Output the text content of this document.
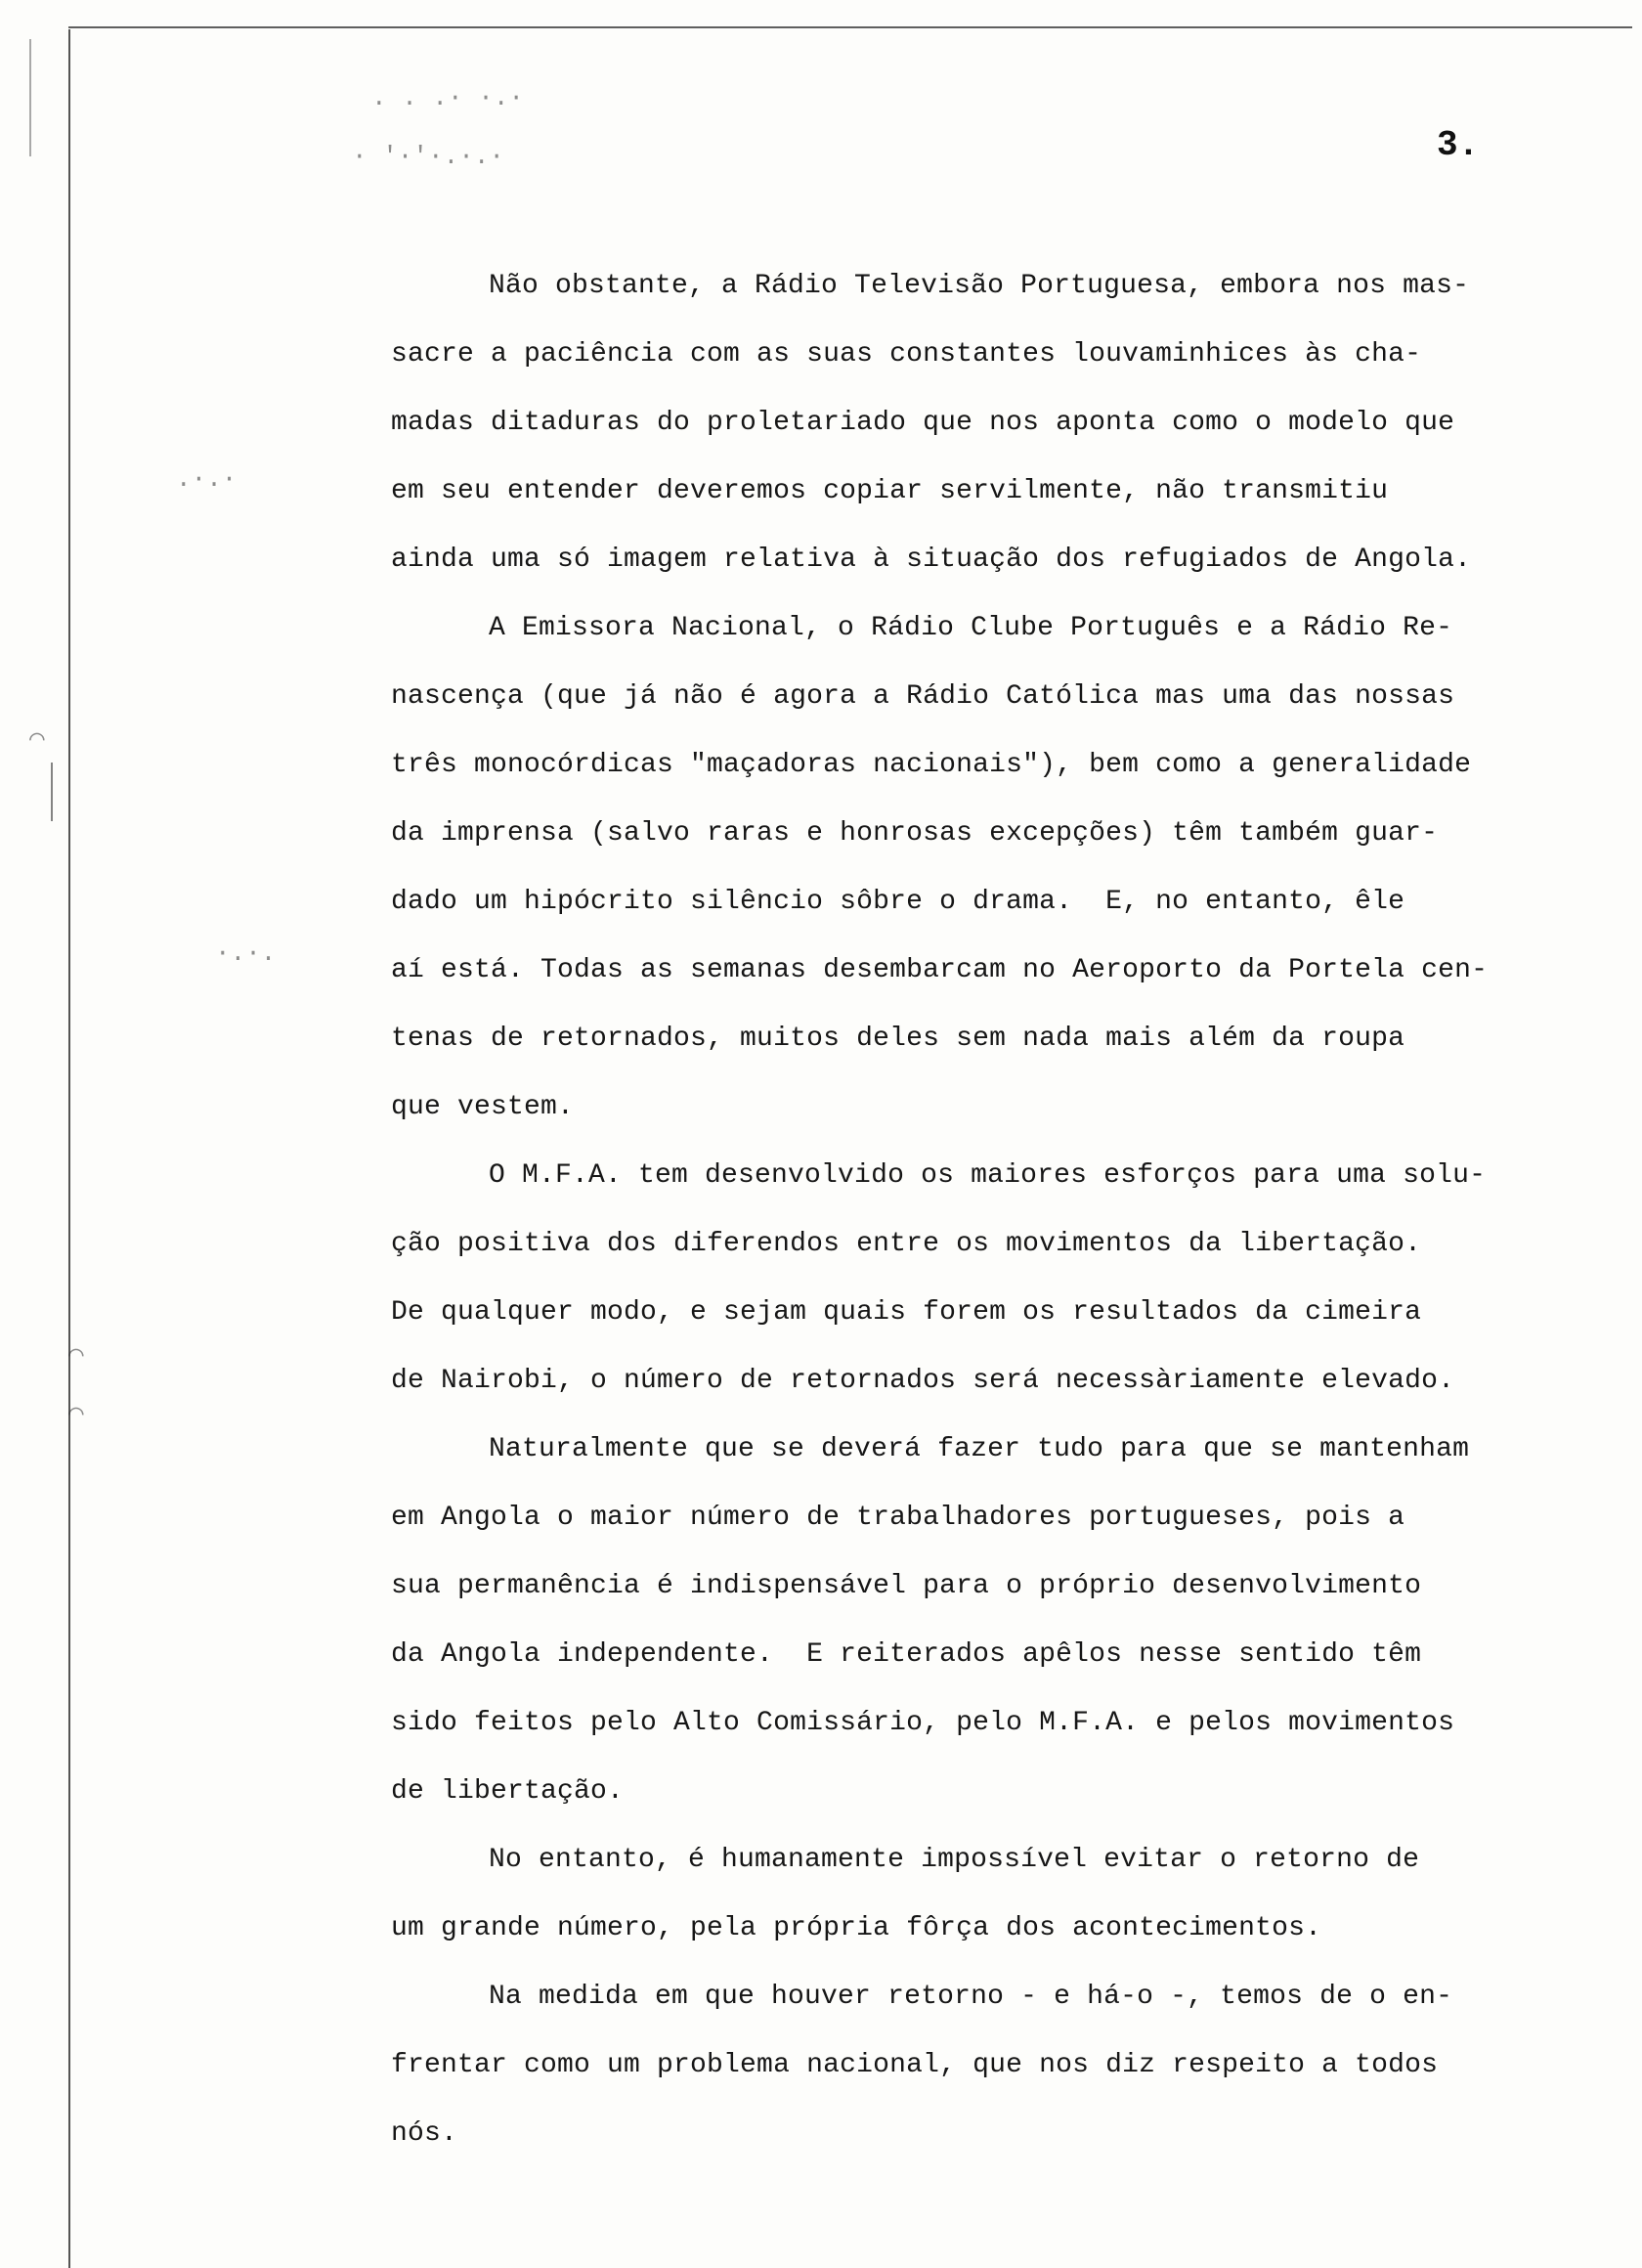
. . .· ·.·
· '·'·.·.·
.·.·
·.·.
⌒
⌒
⌒
3.
Não obstante, a Rádio Televisão Portuguesa, embora nos mas-
sacre a paciência com as suas constantes louvaminhices às cha-
madas ditaduras do proletariado que nos aponta como o modelo que
em seu entender deveremos copiar servilmente, não transmitiu
ainda uma só imagem relativa à situação dos refugiados de Angola.
A Emissora Nacional, o Rádio Clube Português e a Rádio Re-
nascença (que já não é agora a Rádio Católica mas uma das nossas
três monocórdicas "maçadoras nacionais"), bem como a generalidade
da imprensa (salvo raras e honrosas excepções) têm também guar-
dado um hipócrito silêncio sôbre o drama.  E, no entanto, êle
aí está. Todas as semanas desembarcam no Aeroporto da Portela cen-
tenas de retornados, muitos deles sem nada mais além da roupa
que vestem.
O M.F.A. tem desenvolvido os maiores esforços para uma solu-
ção positiva dos diferendos entre os movimentos da libertação.
De qualquer modo, e sejam quais forem os resultados da cimeira
de Nairobi, o número de retornados será necessàriamente elevado.
Naturalmente que se deverá fazer tudo para que se mantenham
em Angola o maior número de trabalhadores portugueses, pois a
sua permanência é indispensável para o próprio desenvolvimento
da Angola independente.  E reiterados apêlos nesse sentido têm
sido feitos pelo Alto Comissário, pelo M.F.A. e pelos movimentos
de libertação.
No entanto, é humanamente impossível evitar o retorno de
um grande número, pela própria fôrça dos acontecimentos.
Na medida em que houver retorno - e há-o -, temos de o en-
frentar como um problema nacional, que nos diz respeito a todos
nós.
